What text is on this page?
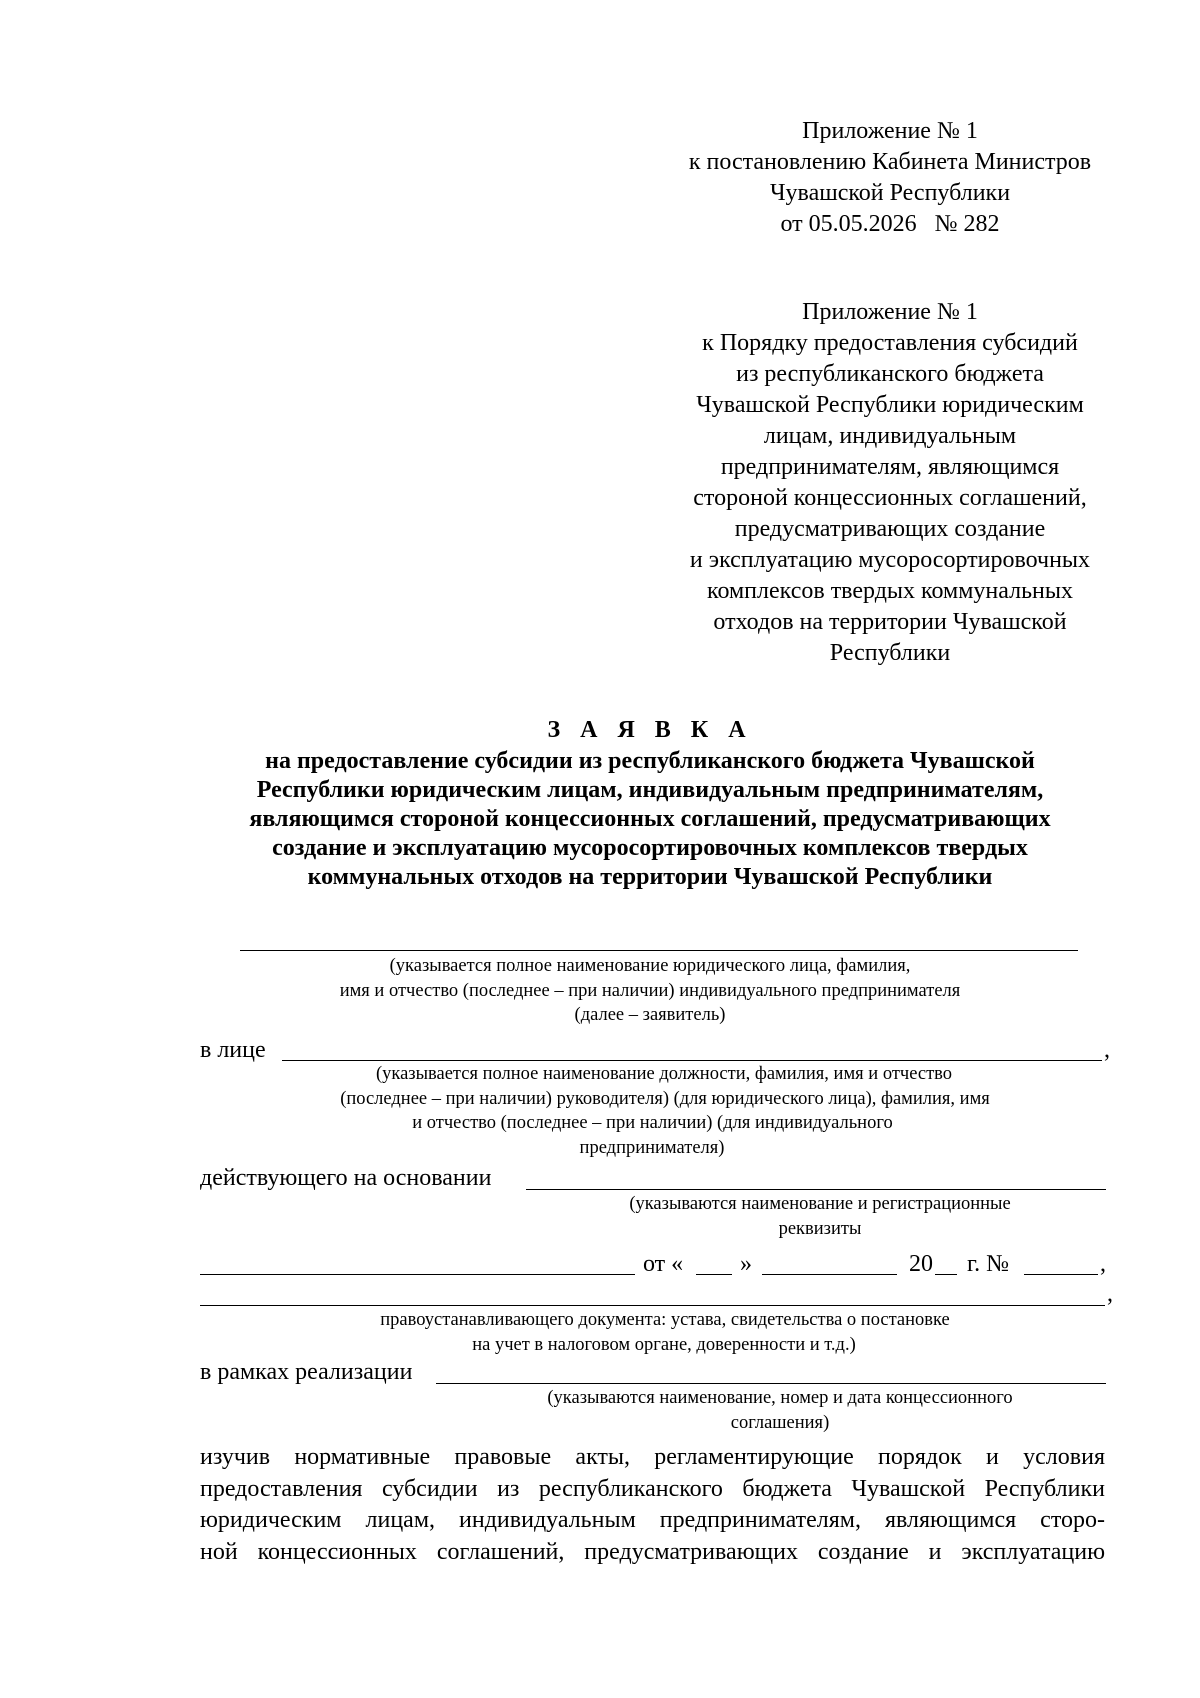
Приложение № 1
к постановлению Кабинета Министров
Чувашской Республики
от 05.05.2026   № 282
Приложение № 1
к Порядку предоставления субсидий
из республиканского бюджета
Чувашской Республики юридическим
лицам, индивидуальным
предпринимателям, являющимся
стороной концессионных соглашений,
предусматривающих создание
и эксплуатацию мусоросортировочных
комплексов твердых коммунальных
отходов на территории Чувашской
Республики
З А Я В К А
на предоставление субсидии из республиканского бюджета Чувашской
Республики юридическим лицам, индивидуальным предпринимателям,
являющимся стороной концессионных соглашений, предусматривающих
создание и эксплуатацию мусоросортировочных комплексов твердых
коммунальных отходов на территории Чувашской Республики
(указывается полное наименование юридического лица, фамилия,
имя и отчество (последнее – при наличии) индивидуального предпринимателя
(далее – заявитель)
в лице	,
(указывается полное наименование должности, фамилия, имя и отчество
(последнее – при наличии) руководителя) (для юридического лица), фамилия, имя
и отчество (последнее – при наличии) (для индивидуального
предпринимателя)
действующего на основании
(указываются наименование и регистрационные
реквизиты
от « »	20 г. №	,
,
правоустанавливающего документа: устава, свидетельства о постановке
на учет в налоговом органе, доверенности и т.д.)
в рамках реализации
(указываются наименование, номер и дата концессионного
соглашения)
изучив нормативные правовые акты, регламентирующие порядок и условия
предоставления субсидии из республиканского бюджета Чувашской Республики
юридическим лицам, индивидуальным предпринимателям, являющимся сторо-
ной концессионных соглашений, предусматривающих создание и эксплуатацию
